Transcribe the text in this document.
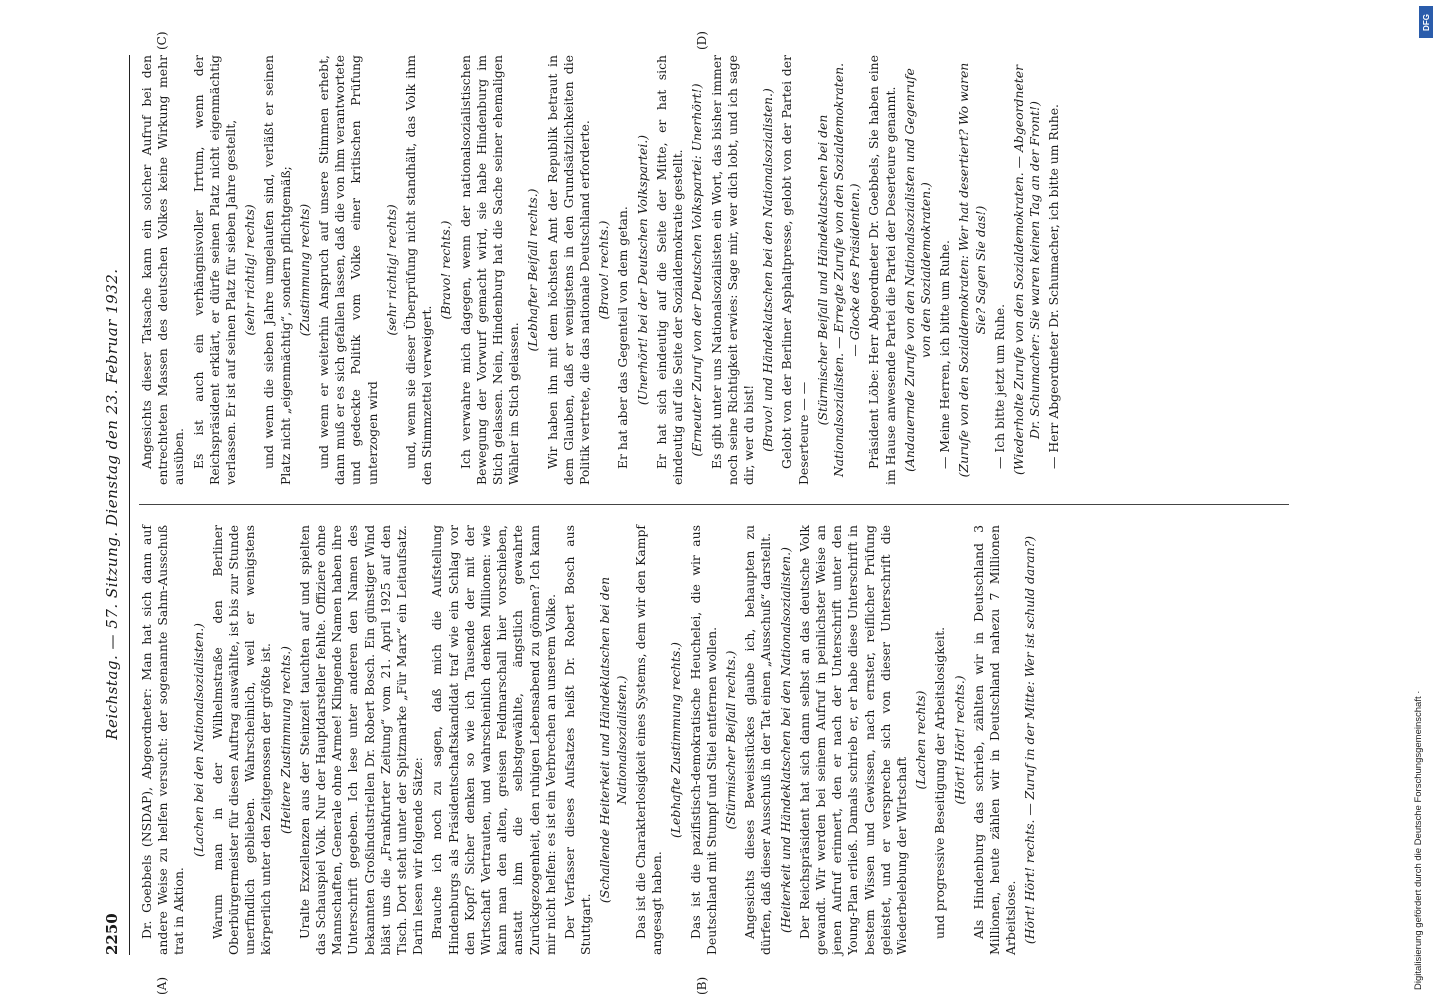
2250
Reichstag. — 57. Sitzung. Dienstag den 23. Februar 1932. Dr. Goebbels (NSDAP), Abgeordneter: Man hat sich dann auf andere Weise zu helfen versucht: der sogenannte Sahm-Ausschuß trat in Aktion.

(Lachen bei den Nationalsozialisten.) Warum man in der Wilhelmstraße den Berliner Oberbürgermeister für diesen Auftrag auswählte, ist bis zur Stunde unerfindlich geblieben. Wahrscheinlich, weil er wenigstens körperlich unter den Zeitgenossen der größte ist. (Heitere Zustimmung rechts.) Uralte Exzellenzen aus der Steinzeit tauchten auf und spielten das Schauspiel Volk. Nur der Hauptdarsteller fehlte. Offiziere ohne Mannschaften, Generale ohne Armee! Klingende Namen haben ihre Unterschrift gegeben. Ich lese unter anderen den Namen des bekannten Großindustriellen Dr. Robert Bosch. Ein günstiger Wind bläst uns die „Frankfurter Zeitung“ vom 21. April 1925 auf den Tisch. Dort steht unter der Spitzmarke „Für Marx“ ein Leitaufsatz. Darin lesen wir folgende Sätze: Brauche ich noch zu sagen, daß mich die Aufstellung Hindenburgs als Präsidentschaftskandidat traf wie ein Schlag vor den Kopf? Sicher denken so wie ich Tausende der mit der Wirtschaft Vertrauten, und wahrscheinlich denken Millionen: wie kann man den alten, greisen Feldmarschall hier vorschieben, anstatt ihm die selbstgewählte, ängstlich gewahrte Zurückgezogenheit, den ruhigen Lebensabend zu gönnen? Ich kann mir nicht helfen: es ist ein Verbrechen an unserem Volke. Der Verfasser dieses Aufsatzes heißt Dr. Robert Bosch aus Stuttgart.

(Schallende Heiterkeit und Händeklatschen bei den Nationalsozialisten.) Das ist die Charakterlosigkeit eines Systems, dem wir den Kampf angesagt haben.

(Lebhafte Zustimmung rechts.) Das ist die pazifistisch-demokratische Heuchelei, die wir aus Deutschland mit Stumpf und Stiel entfernen wollen. (Stürmischer Beifall rechts.) Angesichts dieses Beweisstückes glaube ich, behaupten zu dürfen, daß dieser Ausschuß in der Tat einen „Ausschuß“ darstellt. (Heiterkeit und Händeklatschen bei den Nationalsozialisten.) Der Reichspräsident hat sich dann selbst an das deutsche Volk gewandt. Wir werden bei seinem Aufruf in peinlichster Weise an jenen Aufruf erinnert, den er nach der Unterschrift unter den Young-Plan erließ. Damals schrieb er, er habe diese Unterschrift in bestem Wissen und Gewissen, nach ernster, reiflicher Prüfung geleistet, und er verspreche sich von dieser Unterschrift die Wiederbelebung der Wirtschaft

(Lachen rechts) und progressive Beseitigung der Arbeitslosigkeit. (Hört! Hört! rechts.) Als Hindenburg das schrieb, zählten wir in Deutschland 3 Millionen, heute zählen wir in Deutschland nahezu 7 Millionen Arbeitslose. (Hört! Hört! rechts. — Zuruf in der Mitte: Wer ist schuld daran?)

Angesichts dieser Tatsache kann ein solcher Aufruf bei den entrechteten Massen des deutschen Volkes keine Wirkung mehr ausüben. Es ist auch ein verhängnisvoller Irrtum, wenn der Reichspräsident erklärt, er dürfe seinen Platz nicht eigenmächtig verlassen. Er ist auf seinen Platz für sieben Jahre gestellt, (sehr richtig! rechts) und wenn die sieben Jahre umgelaufen sind, verläßt er seinen Platz nicht „eigenmächtig“, sondern pflichtgemäß; (Zustimmung rechts) und wenn er weiterhin Anspruch auf unsere Stimmen erhebt, dann muß er es sich gefallen lassen, daß die von ihm verantwortete und gedeckte Politik vom Volke einer kritischen Prüfung unterzogen wird

(sehr richtig! rechts) und, wenn sie dieser Überprüfung nicht standhält, das Volk ihm den Stimmzettel verweigert.

(Bravo! rechts.) Ich verwahre mich dagegen, wenn der nationalsozialistischen Bewegung der Vorwurf gemacht wird, sie habe Hindenburg im Stich gelassen. Nein, Hindenburg hat die Sache seiner ehemaligen Wähler im Stich gelassen.

(Lebhafter Beifall rechts.) Wir haben ihn mit dem höchsten Amt der Republik betraut in dem Glauben, daß er wenigstens in den Grundsätzlichkeiten die Politik vertrete, die das nationale Deutschland erforderte. (Bravo! rechts.) Er hat aber das Gegenteil von dem getan. (Unerhört! bei der Deutschen Volkspartei.) Er hat sich eindeutig auf die Seite der Mitte, er hat sich eindeutig auf die Seite der Sozialdemokratie gestellt. (Erneuter Zuruf von der Deutschen Volkspartei: Unerhört!) Es gibt unter uns Nationalsozialisten ein Wort, das bisher immer noch seine Richtigkeit erwies: Sage mir, wer dich lobt, und ich sage dir, wer du bist! (Bravo! und Händeklatschen bei den Nationalsozialisten.) Gelobt von der Berliner Asphaltpresse, gelobt von der Partei der Deserteure — —

(Stürmischer Beifall und Händeklatschen bei den Nationalsozialisten. — Erregte Zurufe von den Sozialdemokraten. — Glocke des Präsidenten.) Präsident Löbe: Herr Abgeordneter Dr. Goebbels, Sie haben eine im Hause anwesende Partei die Partei der Deserteure genannt. (Andauernde Zurufe von den Nationalsozialisten und Gegenrufe von den Sozialdemokraten.) — Meine Herren, ich bitte um Ruhe. (Zurufe von den Sozialdemokraten: Wer hat desertiert? Wo waren Sie? Sagen Sie das!)

— Ich bitte jetzt um Ruhe. (Wiederholte Zurufe von den Sozialdemokraten. — Abgeordneter Dr. Schumacher: Sie waren keinen Tag an der Front!) — Herr Abgeordneter Dr. Schumacher, ich bitte um Ruhe.

(A)	(B)
(C)	(D)
DFG
Digitalisierung gefördert durch die Deutsche Forschungsgemeinschaft ·
